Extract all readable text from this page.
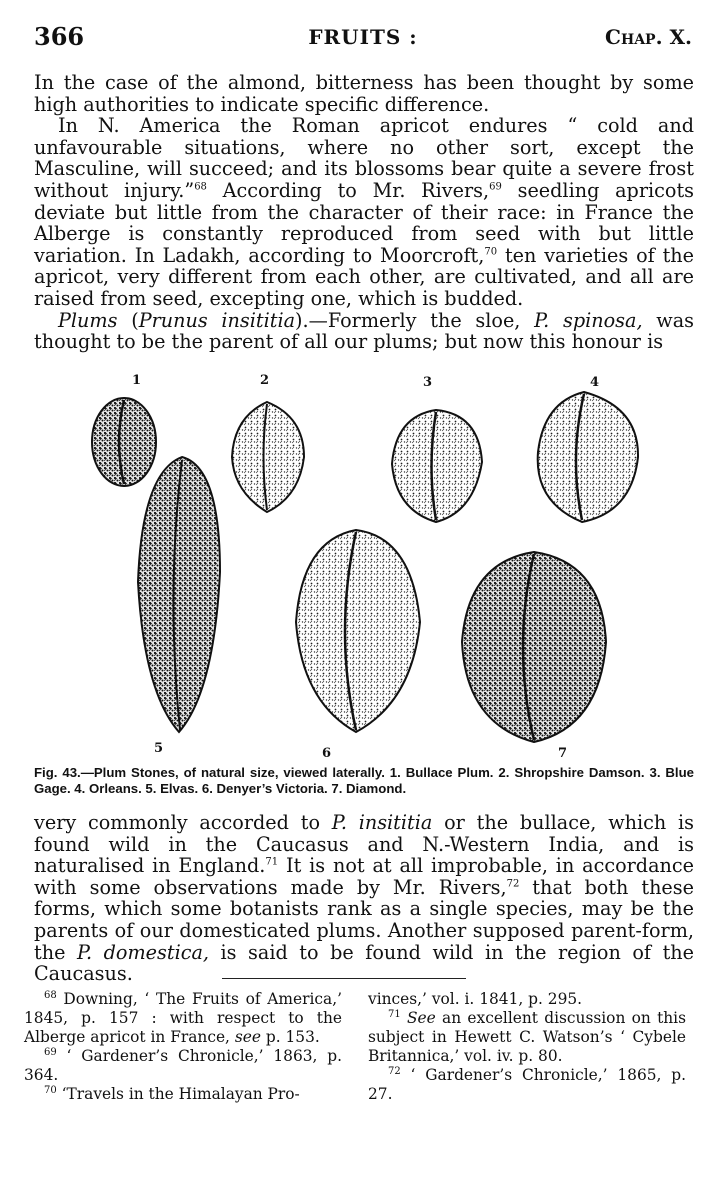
366	FRUITS :	Chap. X.

In the case of the almond, bitterness has been thought by some high authorities to indicate specific difference.

In N. America the Roman apricot endures “ cold and unfavourable situations, where no other sort, except the Masculine, will succeed; and its blossoms bear quite a severe frost without injury.”$^{68}$ According to Mr. Rivers,$^{69}$ seedling apricots deviate but little from the character of their race: in France the Alberge is constantly reproduced from seed with but little variation. In Ladakh, according to Moorcroft,$^{70}$ ten varieties of the apricot, very different from each other, are cultivated, and all are raised from seed, excepting one, which is budded.

Plums (Prunus insititia).—Formerly the sloe, P. spinosa, was thought to be the parent of all our plums; but now this honour is

1	2	3	4
5	6	7
Fig. 43.—Plum Stones, of natural size, viewed laterally. 1. Bullace Plum. 2. Shropshire Damson. 3. Blue Gage. 4. Orleans. 5. Elvas. 6. Denyer’s Victoria. 7. Diamond.
very commonly accorded to P. insititia or the bullace, which is found wild in the Caucasus and N.-Western India, and is naturalised in England.$^{71}$ It is not at all improbable, in accordance with some observations made by Mr. Rivers,$^{72}$ that both these forms, which some botanists rank as a single species, may be the parents of our domesticated plums. Another supposed parent-form, the P. domestica, is said to be found wild in the region of the Caucasus.

$^{68}$ Downing, ‘ The Fruits of America,’ 1845, p. 157 : with respect to the Alberge apricot in France, see p. 153.

$^{69}$ ‘ Gardener’s Chronicle,’ 1863, p. 364.

$^{70}$ ‘Travels in the Himalayan Pro-

vinces,’ vol. i. 1841, p. 295.

$^{71}$ See an excellent discussion on this subject in Hewett C. Watson’s ‘ Cybele Britannica,’ vol. iv. p. 80.

$^{72}$ ‘ Gardener’s Chronicle,’ 1865, p. 27.
